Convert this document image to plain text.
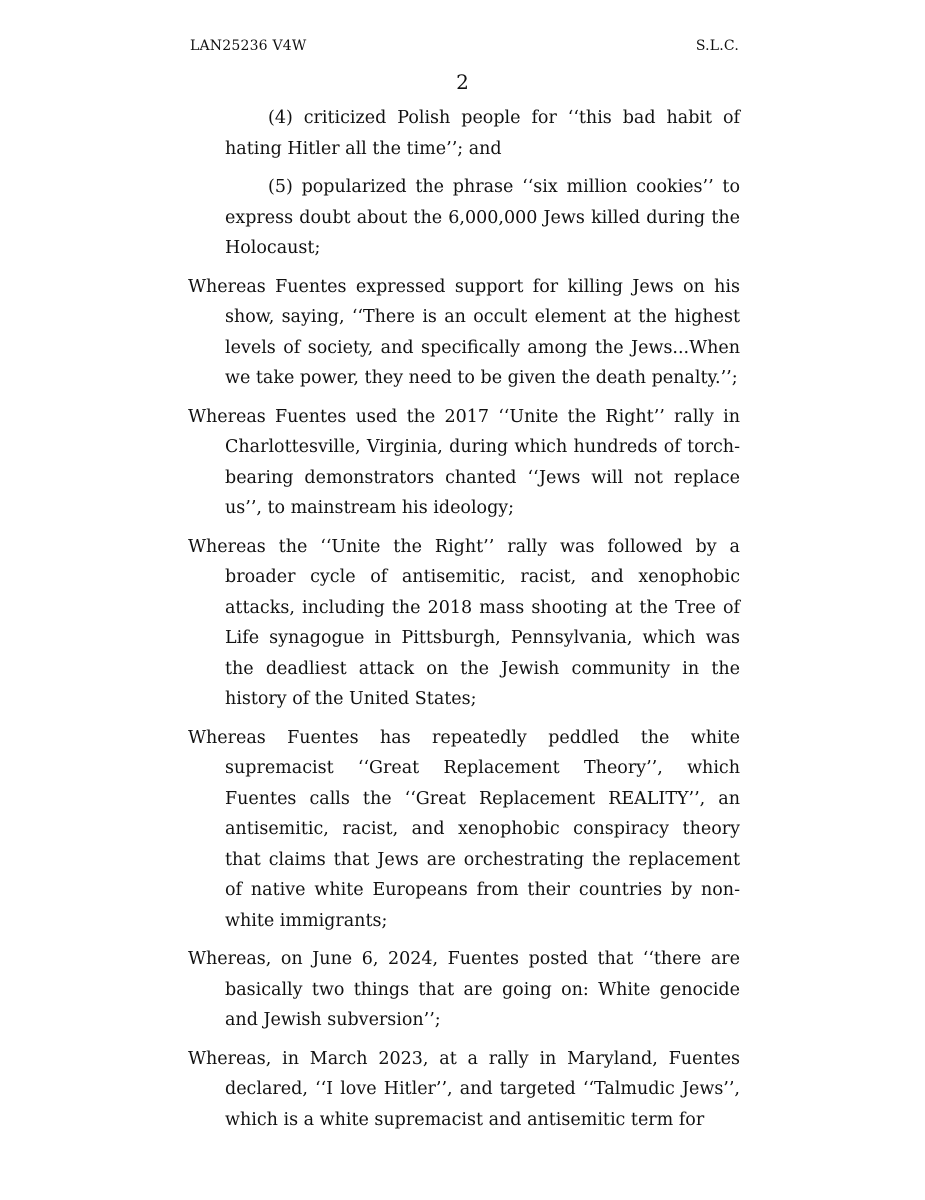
LAN25236 V4W	S.L.C.
2

(4) criticized Polish people for ‘‘this bad habit of hating Hitler all the time’’; and

(5) popularized the phrase ‘‘six million cookies’’ to express doubt about the 6,000,000 Jews killed during the Holocaust;

Whereas Fuentes expressed support for killing Jews on his show, saying, ‘‘There is an occult element at the highest levels of society, and specifically among the Jews...When we take power, they need to be given the death penalty.’’;

Whereas Fuentes used the 2017 ‘‘Unite the Right’’ rally in Charlottesville, Virginia, during which hundreds of torch-bearing demonstrators chanted ‘‘Jews will not replace us’’, to mainstream his ideology;

Whereas the ‘‘Unite the Right’’ rally was followed by a broader cycle of antisemitic, racist, and xenophobic attacks, including the 2018 mass shooting at the Tree of Life synagogue in Pittsburgh, Pennsylvania, which was the deadliest attack on the Jewish community in the history of the United States;

Whereas Fuentes has repeatedly peddled the white supremacist ‘‘Great Replacement Theory’’, which Fuentes calls the ‘‘Great Replacement REALITY’’, an antisemitic, racist, and xenophobic conspiracy theory that claims that Jews are orchestrating the replacement of native white Europeans from their countries by non-white immigrants;

Whereas, on June 6, 2024, Fuentes posted that ‘‘there are basically two things that are going on: White genocide and Jewish subversion’’;

Whereas, in March 2023, at a rally in Maryland, Fuentes declared, ‘‘I love Hitler’’, and targeted ‘‘Talmudic Jews’’, which is a white supremacist and antisemitic term for
